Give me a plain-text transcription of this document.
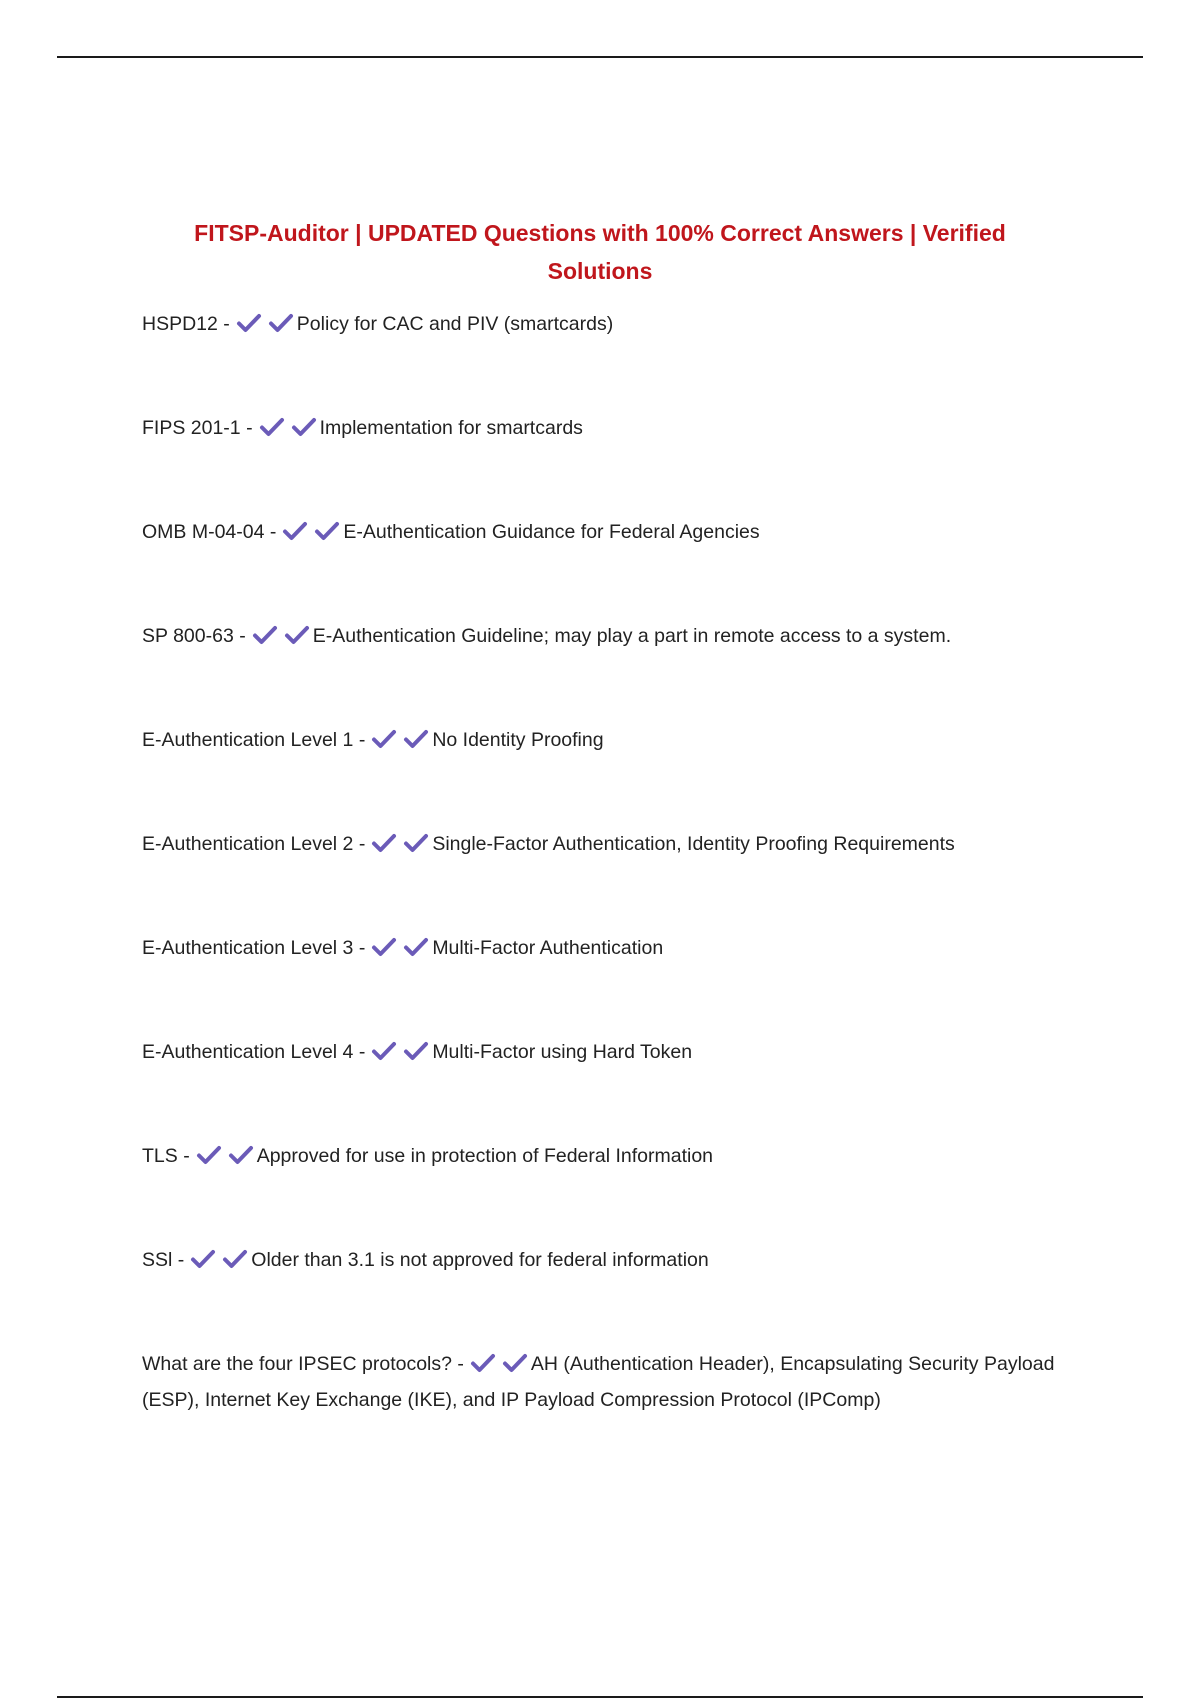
FITSP-Auditor | UPDATED Questions with 100% Correct Answers | Verified Solutions
HSPD12 -	Policy for CAC and PIV (smartcards)
FIPS 201-1 -	Implementation for smartcards
OMB M-04-04 -	E-Authentication Guidance for Federal Agencies
SP 800-63 -	E-Authentication Guideline; may play a part in remote access to a system.
E-Authentication Level 1 -	No Identity Proofing
E-Authentication Level 2 -	Single-Factor Authentication, Identity Proofing Requirements
E-Authentication Level 3 -	Multi-Factor Authentication
E-Authentication Level 4 -	Multi-Factor using Hard Token
TLS -	Approved for use in protection of Federal Information
SSl -	Older than 3.1 is not approved for federal information
What are the four IPSEC protocols? -	AH (Authentication Header), Encapsulating Security Payload (ESP), Internet Key Exchange (IKE), and IP Payload Compression Protocol (IPComp)
